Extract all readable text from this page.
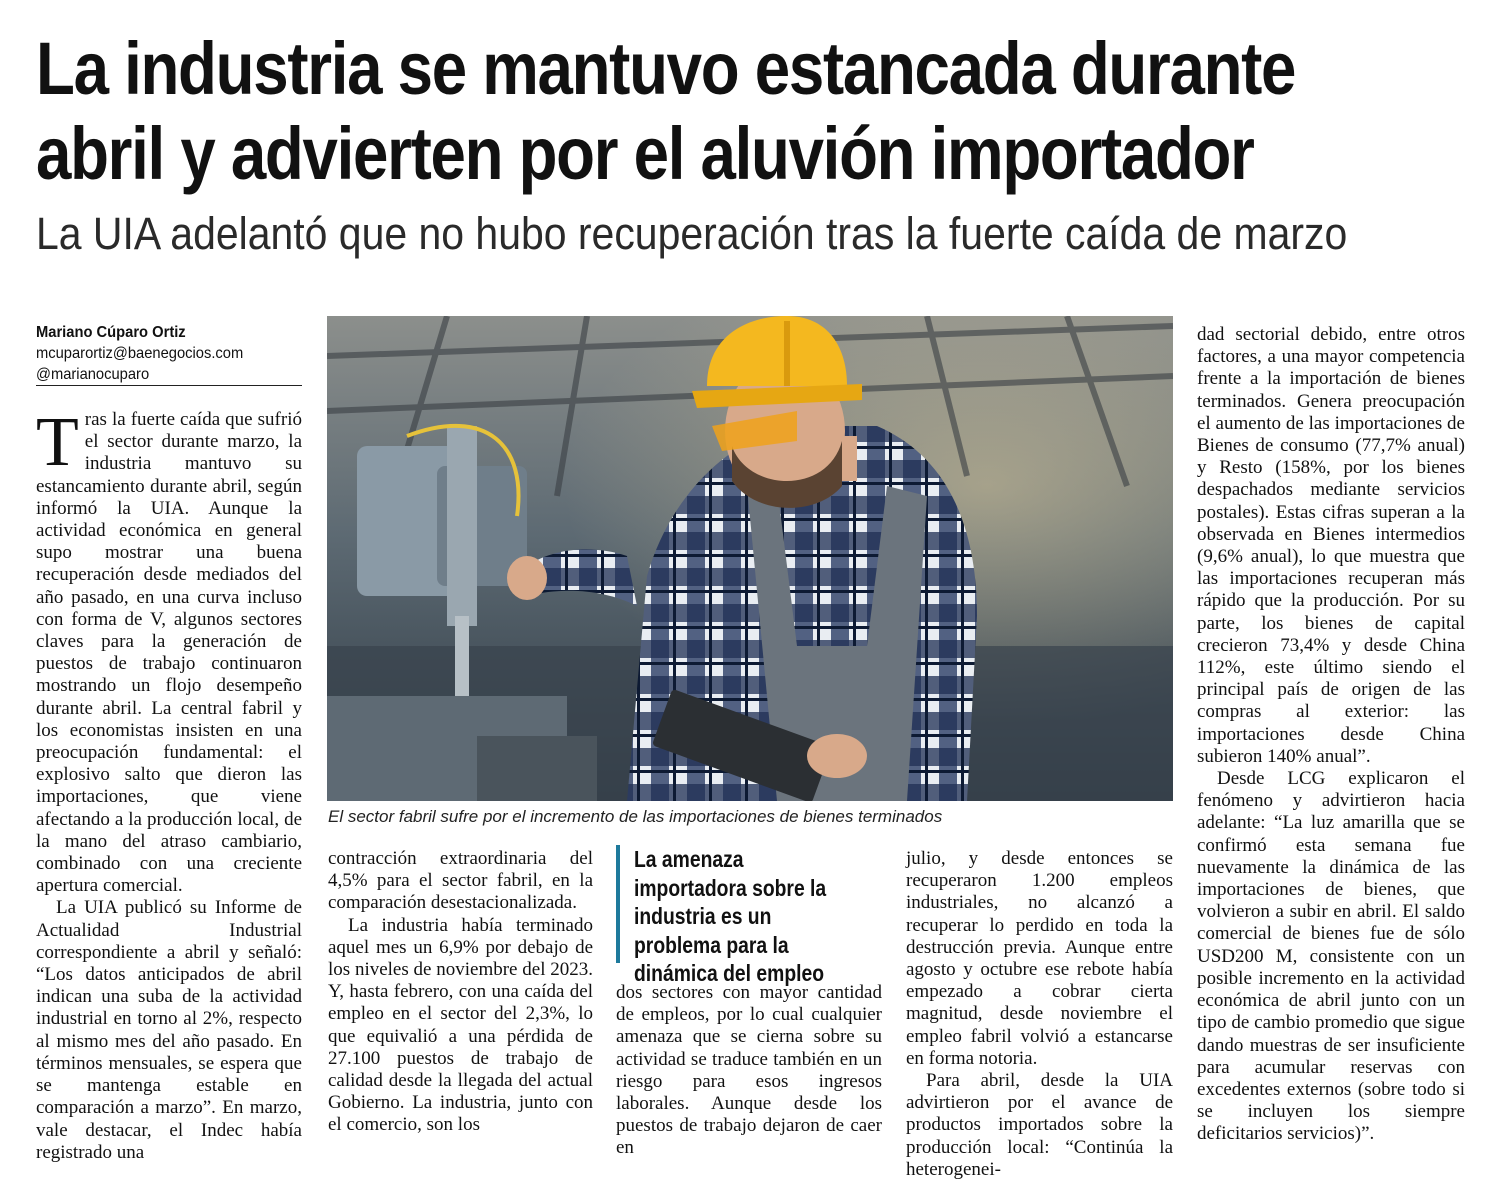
La industria se mantuvo estancada durante
abril y advierten por el aluvión importador
La UIA adelantó que no hubo recuperación tras la fuerte caída de marzo
Mariano Cúparo Ortiz
mcuparortiz@baenegocios.com
@marianocuparo

Tras la fuerte caída que sufrió el sector durante marzo, la industria mantuvo su estancamiento durante abril, según informó la UIA. Aunque la actividad económica en general supo mostrar una buena recuperación desde mediados del año pasado, en una curva incluso con forma de V, algunos sectores claves para la generación de puestos de trabajo continuaron mostrando un flojo desempeño durante abril. La central fabril y los economistas insisten en una preocupación fundamental: el explosivo salto que dieron las importaciones, que viene afectando a la producción local, de la mano del atraso cambiario, combinado con una creciente apertura comercial.

La UIA publicó su Informe de Actualidad Industrial correspondiente a abril y señaló: “Los datos anticipados de abril indican una suba de la actividad industrial en torno al 2%, respecto al mismo mes del año pasado. En términos mensuales, se espera que se mantenga estable en comparación a marzo”. En marzo, vale destacar, el Indec había registrado una

El sector fabril sufre por el incremento de las importaciones de bienes terminados

contracción extraordinaria del 4,5% para el sector fabril, en la comparación desestacionalizada.

La industria había terminado aquel mes un 6,9% por debajo de los niveles de noviembre del 2023. Y, hasta febrero, con una caída del empleo en el sector del 2,3%, lo que equivalió a una pérdida de 27.100 puestos de trabajo de calidad desde la llegada del actual Gobierno. La industria, junto con el comercio, son los

La amenaza importadora sobre la industria es un problema para la dinámica del empleo

dos sectores con mayor cantidad de empleos, por lo cual cualquier amenaza que se cierna sobre su actividad se traduce también en un riesgo para esos ingresos laborales. Aunque desde los puestos de trabajo dejaron de caer en

julio, y desde entonces se recuperaron 1.200 empleos industriales, no alcanzó a recuperar lo perdido en toda la destrucción previa. Aunque entre agosto y octubre ese rebote había empezado a cobrar cierta magnitud, desde noviembre el empleo fabril volvió a estancarse en forma notoria.

Para abril, desde la UIA advirtieron por el avance de productos importados sobre la producción local: “Continúa la heterogenei-

dad sectorial debido, entre otros factores, a una mayor competencia frente a la importación de bienes terminados. Genera preocupación el aumento de las importaciones de Bienes de consumo (77,7% anual) y Resto (158%, por los bienes despachados mediante servicios postales). Estas cifras superan a la observada en Bienes intermedios (9,6% anual), lo que muestra que las importaciones recuperan más rápido que la producción. Por su parte, los bienes de capital crecieron 73,4% y desde China 112%, este último siendo el principal país de origen de las compras al exterior: las importaciones desde China subieron 140% anual”.

Desde LCG explicaron el fenómeno y advirtieron hacia adelante: “La luz amarilla que se confirmó esta semana fue nuevamente la dinámica de las importaciones de bienes, que volvieron a subir en abril. El saldo comercial de bienes fue de sólo USD200 M, consistente con un posible incremento en la actividad económica de abril junto con un tipo de cambio promedio que sigue dando muestras de ser insuficiente para acumular reservas con excedentes externos (sobre todo si se incluyen los siempre deficitarios servicios)”.
